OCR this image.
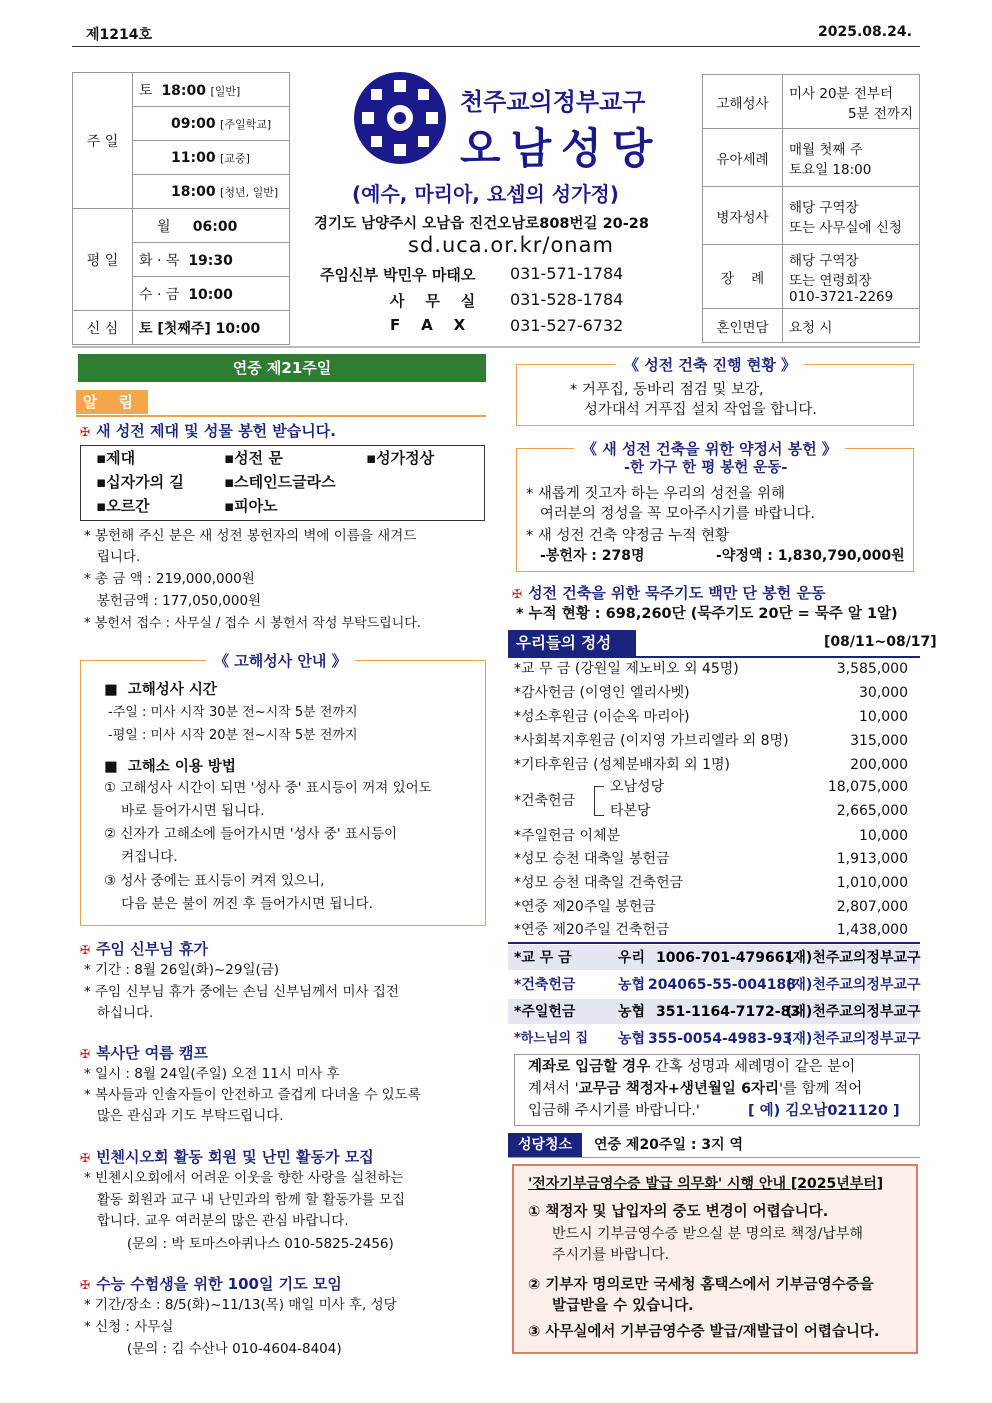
제1214호	2025.08.24.
주 일	토 18:00 [일반]
	09:00 [주일학교]
	11:00 [교중]
	18:00 [청년, 일반]
평 일	월 06:00
	화 · 목 19:30
	수 · 금 10:00
신 심	토 [첫째주] 10:00
천주교의정부교구
오남성당
(예수, 마리아, 요셉의 성가정)
경기도 남양주시 오남읍 진건오남로808번길 20-28
sd.uca.or.kr/onam
주임신부 박민우 마태오 031-571-1784
사    무    실 031-528-1784
F    A    X	031-527-6732
고해성사	미사 20분 전부터
5분 전까지

유아세례	매월 첫째 주
토요일 18:00

병자성사	해당 구역장
또는 사무실에 신청

장    례	해당 구역장
또는 연령회장
010-3721-2269

혼인면담	요청 시
연중 제21주일
알 림
✠ 새 성전 제대 및 성물 봉헌 받습니다.
▪제대	▪성전 문	▪성가정상
▪십자가의 길	▪스테인드글라스
▪오르간	▪피아노
* 봉헌해 주신 분은 새 성전 봉헌자의 벽에 이름을 새겨드
립니다.
* 총 금 액 : 219,000,000원
봉헌금액 : 177,050,000원
* 봉헌서 접수 : 사무실 / 접수 시 봉헌서 작성 부탁드립니다.
《 고해성사 안내 》
■  고해성사 시간
-주일 : 미사 시작 30분 전~시작 5분 전까지
-평일 : 미사 시작 20분 전~시작 5분 전까지
■  고해소 이용 방법
① 고해성사 시간이 되면 '성사 중' 표시등이 꺼져 있어도
바로 들어가시면 됩니다.
② 신자가 고해소에 들어가시면 '성사 중' 표시등이
켜집니다.
③ 성사 중에는 표시등이 켜져 있으니,
다음 분은 불이 꺼진 후 들어가시면 됩니다.
✠ 주임 신부님 휴가
* 기간 : 8월 26일(화)~29일(금)
* 주임 신부님 휴가 중에는 손님 신부님께서 미사 집전
하십니다.
✠ 복사단 여름 캠프
* 일시 : 8월 24일(주일) 오전 11시 미사 후
* 복사들과 인솔자들이 안전하고 즐겁게 다녀올 수 있도록
많은 관심과 기도 부탁드립니다.
✠ 빈첸시오회 활동 회원 및 난민 활동가 모집
* 빈첸시오회에서 어려운 이웃을 향한 사랑을 실천하는
활동 회원과 교구 내 난민과의 함께 할 활동가를 모집
합니다. 교우 여러분의 많은 관심 바랍니다.
(문의 : 박 토마스아퀴나스 010-5825-2456)
✠ 수능 수험생을 위한 100일 기도 모임
* 기간/장소 : 8/5(화)~11/13(목) 매일 미사 후, 성당
* 신청 : 사무실
(문의 : 김 수산나 010-4604-8404)
《 성전 건축 진행 현황 》
* 거푸집, 동바리 점검 및 보강,
성가대석 거푸집 설치 작업을 합니다.
《 새 성전 건축을 위한 약정서 봉헌 》
-한 가구 한 평 봉헌 운동-
* 새롭게 짓고자 하는 우리의 성전을 위해
여러분의 정성을 꼭 모아주시기를 바랍니다.
* 새 성전 건축 약정금 누적 현황
-봉헌자 : 278명	-약정액 : 1,830,790,000원
✠ 성전 건축을 위한 묵주기도 백만 단 봉헌 운동
* 누적 현황 : 698,260단 (묵주기도 20단 = 묵주 알 1알)
우리들의 정성	[08/11~08/17]
*교 무 금 (강원일 제노비오 외 45명)	3,585,000
*감사헌금 (이영인 엘리사벳)	30,000
*성소후원금 (이순옥 마리아)	10,000
*사회복지후원금 (이지영 가브리엘라 외 8명)	315,000
*기타후원금 (성체분배자회 외 1명)	200,000
*건축헌금
오남성당	18,075,000
타본당	2,665,000
*주일헌금 이체분	10,000
*성모 승천 대축일 봉헌금	1,913,000
*성모 승천 대축일 건축헌금	1,010,000
*연중 제20주일 봉헌금	2,807,000
*연중 제20주일 건축헌금	1,438,000
*교 무 금	우리 1006-701-479661
(재)천주교의정부교구
*건축헌금	농협 204065-55-004188
(재)천주교의정부교구
*주일헌금	농협 351-1164-7172-83
(재)천주교의정부교구
*하느님의 집 농협 355-0054-4983-93
(재)천주교의정부교구
계좌로 입금할 경우 간혹 성명과 세례명이 같은 분이
계셔서 '교무금 책정자+생년월일 6자리'를 함께 적어
입금해 주시기를 바랍니다.'	[ 예) 김오남021120 ]
성당청소	연중 제20주일 : 3지 역
'전자기부금영수증 발급 의무화' 시행 안내 [2025년부터]
① 책정자 및 납입자의 중도 변경이 어렵습니다.
반드시 기부금영수증 받으실 분 명의로 책정/납부해
주시기를 바랍니다.
② 기부자 명의로만 국세청 홈택스에서 기부금영수증을
발급받을 수 있습니다.
③ 사무실에서 기부금영수증 발급/재발급이 어렵습니다.
